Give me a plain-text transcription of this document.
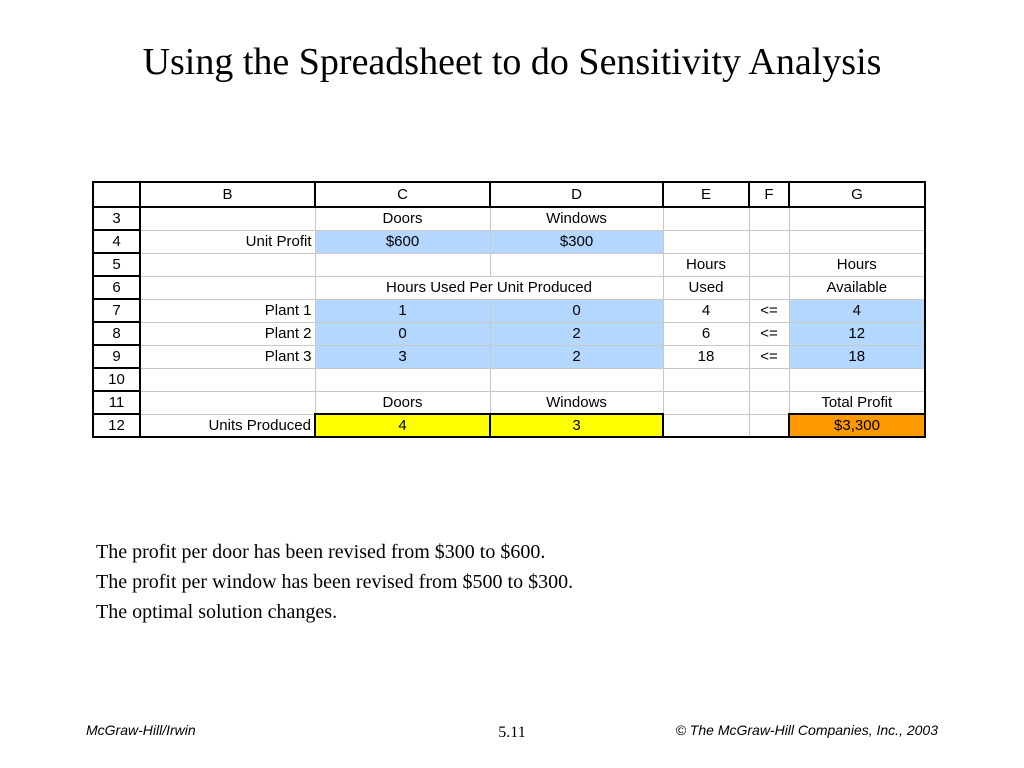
Using the Spreadsheet to do Sensitivity Analysis
	B	C	D	E	F	G
3		Doors	Windows			
4	Unit Profit	$600	$300			
5				Hours		Hours
6		Hours Used Per Unit Produced		Used		Available
7	Plant 1	1	0	4	<=	4
8	Plant 2	0	2	6	<=	12
9	Plant 3	3	2	18	<=	18
10						
11		Doors	Windows			Total Profit
12	Units Produced	4	3			$3,300

The profit per door has been revised from $300 to $600.

The profit per window has been revised from $500 to $300.

The optimal solution changes.

McGraw-Hill/Irwin	5.11	© The McGraw-Hill Companies, Inc., 2003
